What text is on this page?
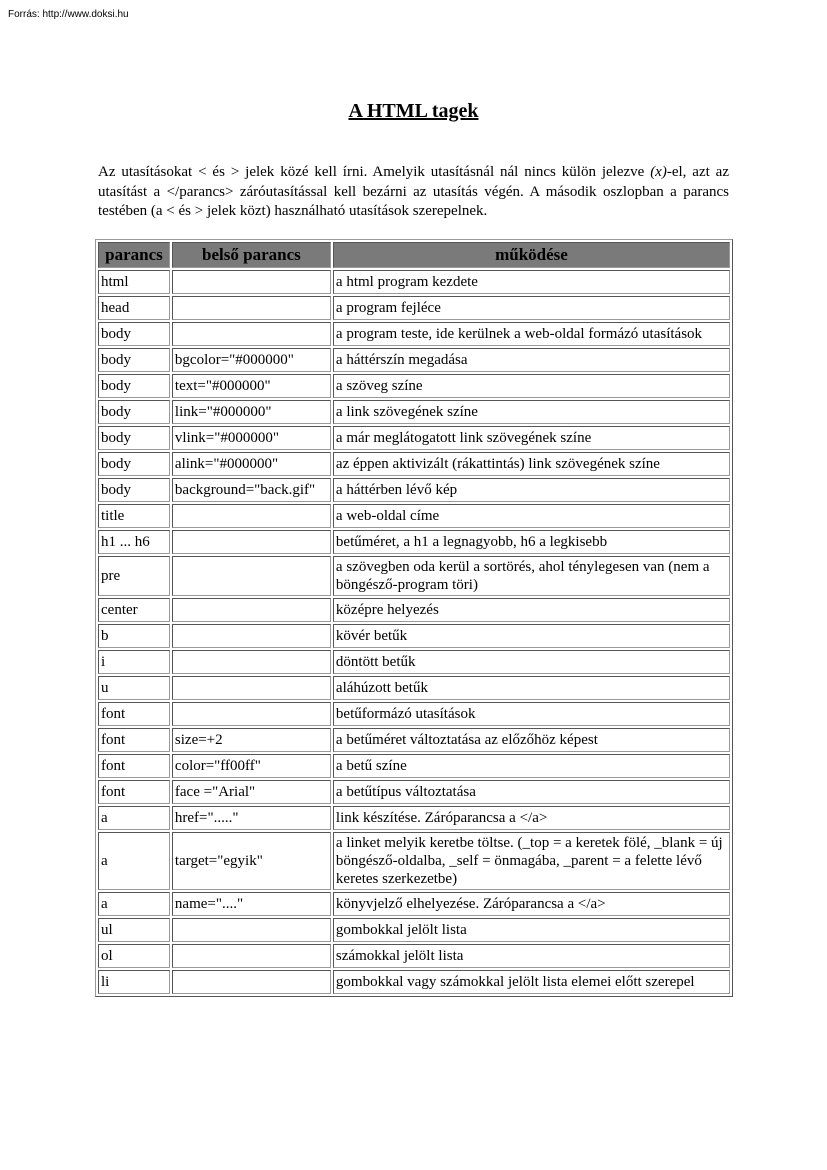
Forrás: http://www.doksi.hu
A HTML tagek
Az utasításokat < és > jelek közé kell írni. Amelyik utasításnál nál nincs külön jelezve (x)-el, azt az utasítást a </parancs> záróutasítással kell bezárni az utasítás végén. A második oszlopban a parancs testében (a < és > jelek közt) használható utasítások szerepelnek.
parancs	belső parancs	működése
html		a html program kezdete
head		a program fejléce
body		a program teste, ide kerülnek a web-oldal formázó utasítások
body	bgcolor="#000000"	a háttérszín megadása
body	text="#000000"	a szöveg színe
body	link="#000000"	a link szövegének színe
body	vlink="#000000"	a már meglátogatott link szövegének színe
body	alink="#000000"	az éppen aktivizált (rákattintás) link szövegének színe
body	background="back.gif"	a háttérben lévő kép
title		a web-oldal címe
h1 ... h6		betűméret, a h1 a legnagyobb, h6 a legkisebb
pre		a szövegben oda kerül a sortörés, ahol ténylegesen van (nem a böngésző-program töri)
center		középre helyezés
b		kövér betűk
i		döntött betűk
u		aláhúzott betűk
font		betűformázó utasítások
font	size=+2	a betűméret változtatása az előzőhöz képest
font	color="ff00ff"	a betű színe
font	face ="Arial"	a betűtípus változtatása
a	href="....."	link készítése. Záróparancsa a </a>
a	target="egyik"	a linket melyik keretbe töltse. (_top = a keretek fölé, _blank = új böngésző-oldalba, _self = önmagába, _parent = a felette lévő keretes szerkezetbe)
a	name="...."	könyvjelző elhelyezése. Záróparancsa a </a>
ul		gombokkal jelölt lista
ol		számokkal jelölt lista
li		gombokkal vagy számokkal jelölt lista elemei előtt szerepel
